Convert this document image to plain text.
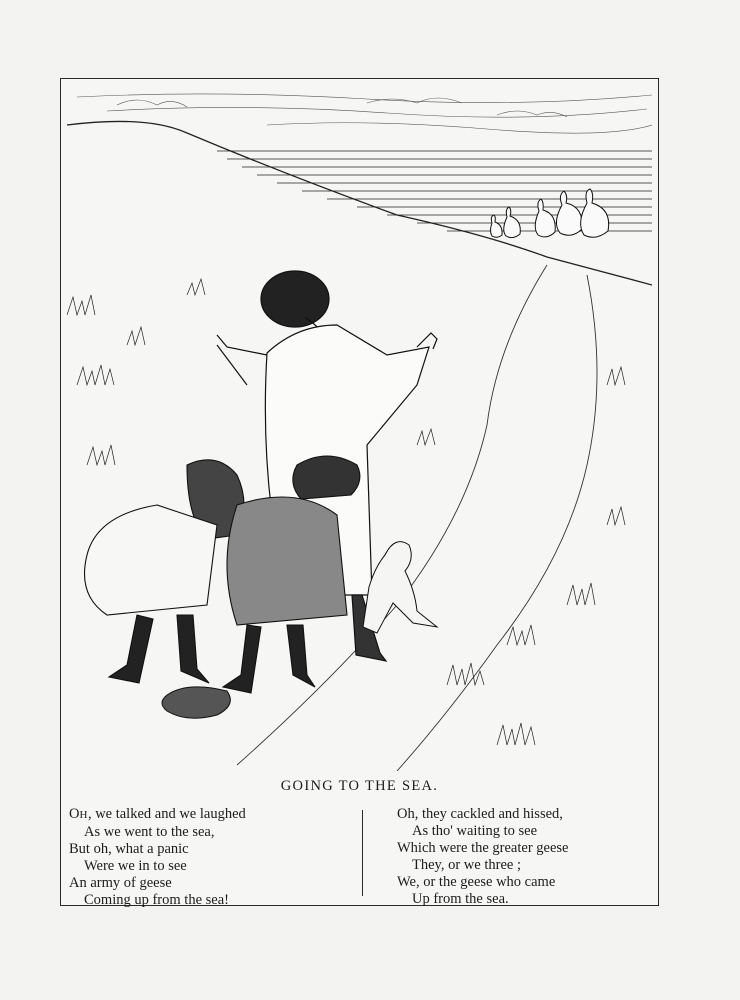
GOING TO THE SEA.
OH, we talked and we laughed
As we went to the sea,
But oh, what a panic
Were we in to see
An army of geese
Coming up from the sea!
Oh, they cackled and hissed,
As tho' waiting to see
Which were the greater geese
They, or we three ;
We, or the geese who came
Up from the sea.
